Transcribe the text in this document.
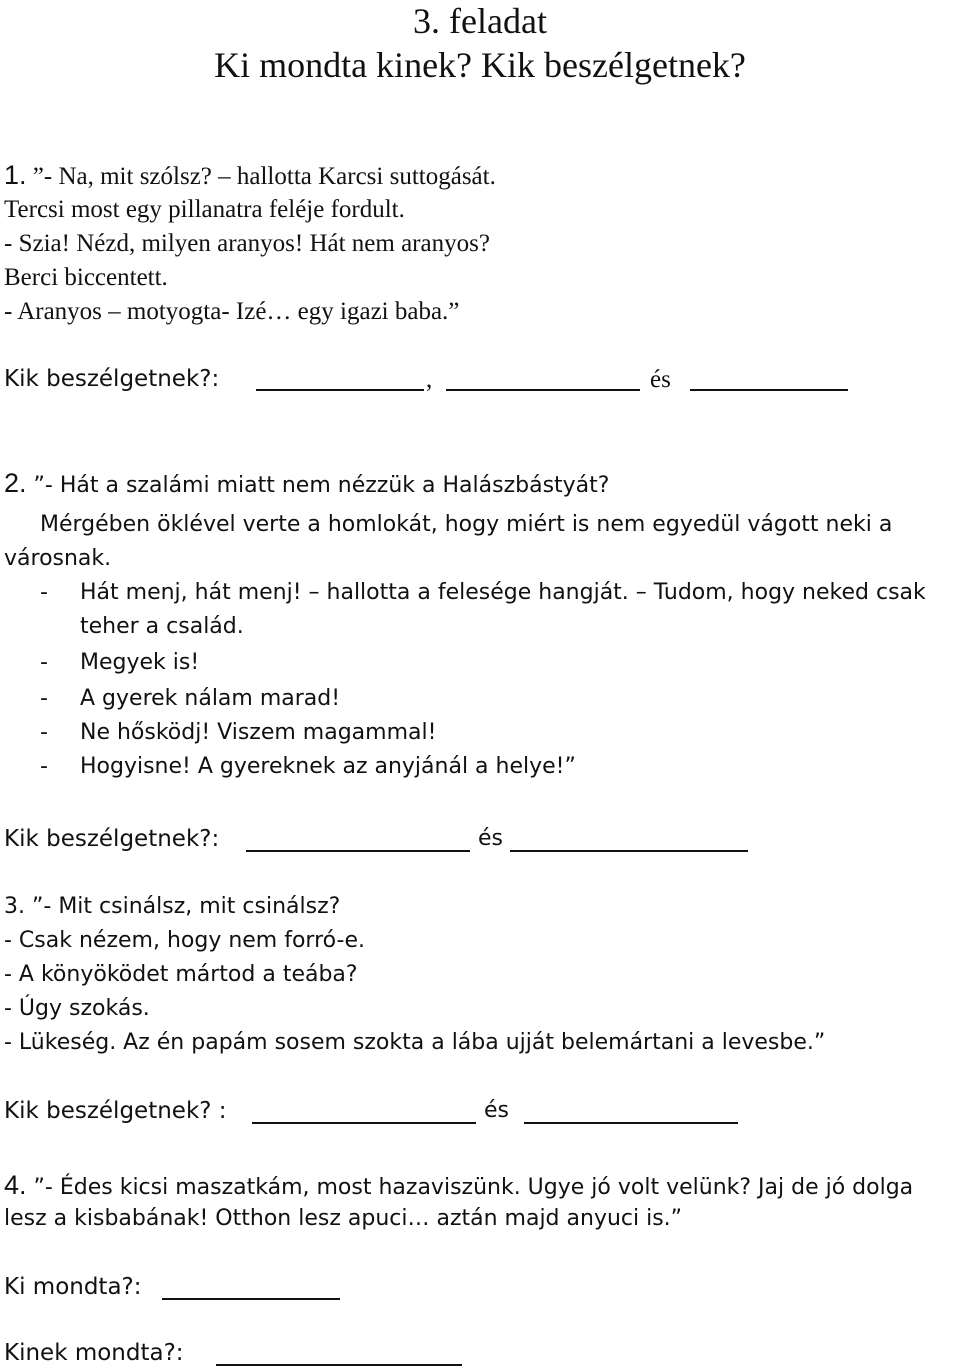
3. feladat
Ki mondta kinek? Kik beszélgetnek?
1. ”- Na, mit szólsz? – hallotta Karcsi suttogását.
Tercsi most egy pillanatra feléje fordult.
- Szia! Nézd, milyen aranyos! Hát nem aranyos?
Berci biccentett.
- Aranyos – motyogta- Izé… egy igazi baba.”
Kik beszélgetnek?:	,	és
2. ”- Hát a szalámi miatt nem nézzük a Halászbástyát?
Mérgében öklével verte a homlokát, hogy miért is nem egyedül vágott neki a
városnak.
- Hát menj, hát menj! – hallotta a felesége hangját. – Tudom, hogy neked csak
teher a család.
- Megyek is!
- A gyerek nálam marad!
- Ne hősködj! Viszem magammal!
- Hogyisne! A gyereknek az anyjánál a helye!”
Kik beszélgetnek?:	és
3. ”- Mit csinálsz, mit csinálsz?
- Csak nézem, hogy nem forró-e.
- A könyöködet mártod a teába?
- Úgy szokás.
- Lükeség. Az én papám sosem szokta a lába ujját belemártani a levesbe.”
Kik beszélgetnek? :	és
4. ”- Édes kicsi maszatkám, most hazaviszünk. Ugye jó volt velünk? Jaj de jó dolga
lesz a kisbabának! Otthon lesz apuci… aztán majd anyuci is.”
Ki mondta?:
Kinek mondta?:
